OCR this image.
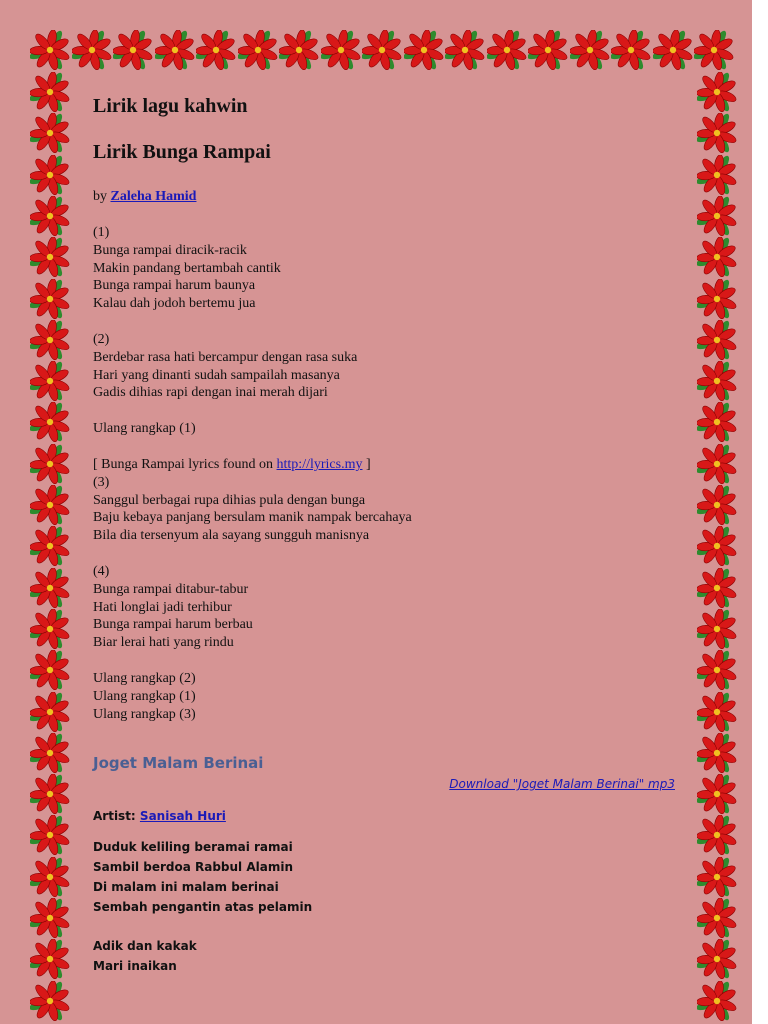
Lirik lagu kahwin
Lirik Bunga Rampai
by Zaleha Hamid
(1)
Bunga rampai diracik-racik
Makin pandang bertambah cantik
Bunga rampai harum baunya
Kalau dah jodoh bertemu jua
(2)
Berdebar rasa hati bercampur dengan rasa suka
Hari yang dinanti sudah sampailah masanya
Gadis dihias rapi dengan inai merah dijari
Ulang rangkap (1)
[ Bunga Rampai lyrics found on http://lyrics.my ]
(3)
Sanggul berbagai rupa dihias pula dengan bunga
Baju kebaya panjang bersulam manik nampak bercahaya
Bila dia tersenyum ala sayang sungguh manisnya
(4)
Bunga rampai ditabur-tabur
Hati longlai jadi terhibur
Bunga rampai harum berbau
Biar lerai hati yang rindu
Ulang rangkap (2)
Ulang rangkap (1)
Ulang rangkap (3)
Joget Malam Berinai
Download "Joget Malam Berinai" mp3
Artist: Sanisah Huri
Duduk keliling beramai ramai
Sambil berdoa Rabbul Alamin
Di malam ini malam berinai
Sembah pengantin atas pelamin
Adik dan kakak
Mari inaikan
